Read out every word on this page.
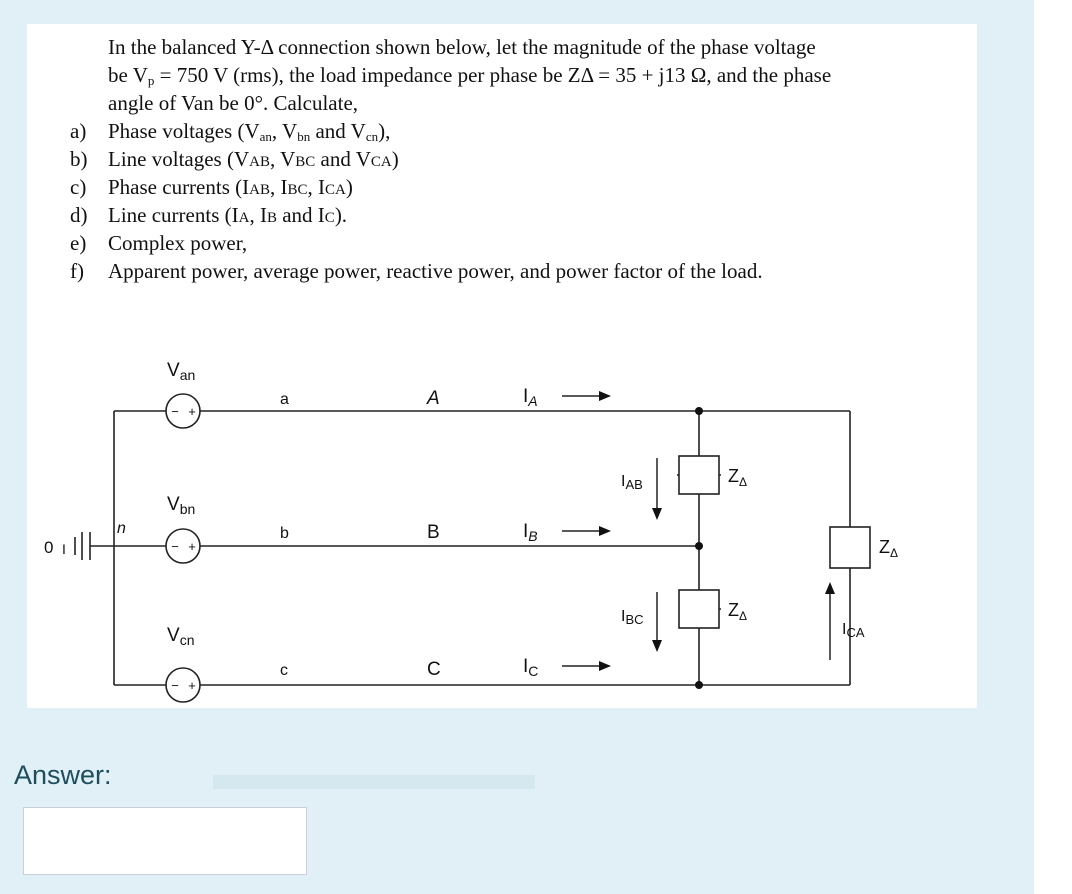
In the balanced Y-Δ connection shown below, let the magnitude of the phase voltage
be $V_p = 750$ V (rms), the load impedance per phase be ZΔ = 35 + j13 Ω, and the phase
angle of Van be 0°. Calculate,
a) Phase voltages ($V_{an}$, $V_{bn}$ and $V_{cn}$),
b) Line voltages (VAB, VBC and VCA)
c) Phase currents (IAB, IBC, ICA)
d) Line currents (IA, IB and IC).
e) Complex power,
f) Apparent power, average power, reactive power, and power factor of the load.
− +
− +
− +
$V_{an}$
$V_{bn}$
$V_{cn}$
0 I
n
a
b
c
A
B
C
$I_A$
$I_B$
$I_C$
IAB
IBC
ICA
$Z_\Delta$
$Z_\Delta$
$Z_\Delta$
Answer:
